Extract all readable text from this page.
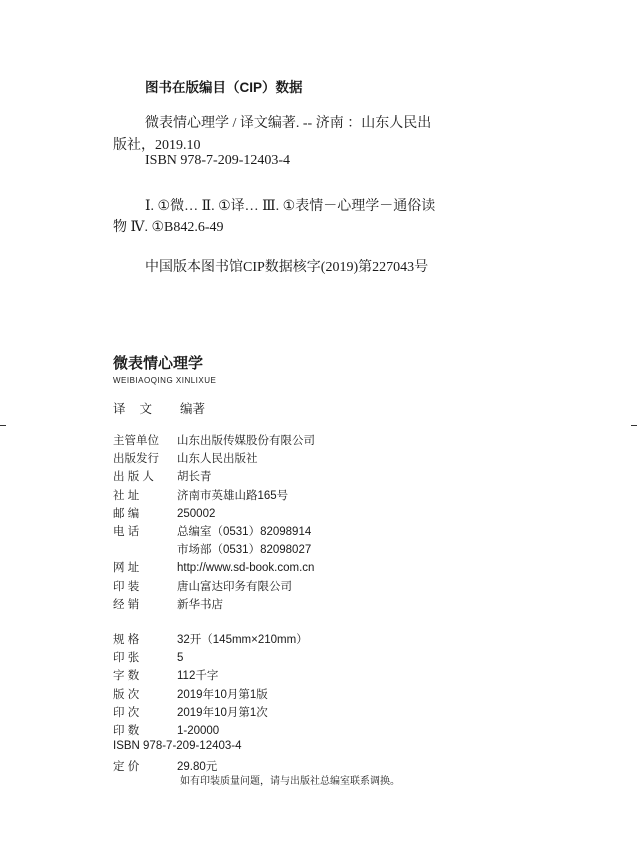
图书在版编目（CIP）数据
微表情心理学 / 译文编著. -- 济南 ：山东人民出
版社，2019.10
ISBN 978-7-209-12403-4
Ⅰ. ①微… Ⅱ. ①译… Ⅲ. ①表情－心理学－通俗读
物 Ⅳ. ①B842.6-49
中国版本图书馆CIP数据核字(2019)第227043号
微表情心理学
WEIBIAOQING XINLIXUE
译文 编著
主管单位 山东出版传媒股份有限公司
出版发行 山东人民出版社
出 版 人 胡长青
社 址	济南市英雄山路165号
邮 编	250002
电 话	总编室（0531）82098914
市场部（0531）82098027
网 址	http://www.sd-book.com.cn
印 装	唐山富达印务有限公司
经 销	新华书店
规 格	32开（145mm×210mm）
印 张	5
字 数	112千字
版 次	2019年10月第1版
印 次	2019年10月第1次
印 数	1-20000
ISBN 978-7-209-12403-4
定 价	29.80元
如有印装质量问题，请与出版社总编室联系调换。
